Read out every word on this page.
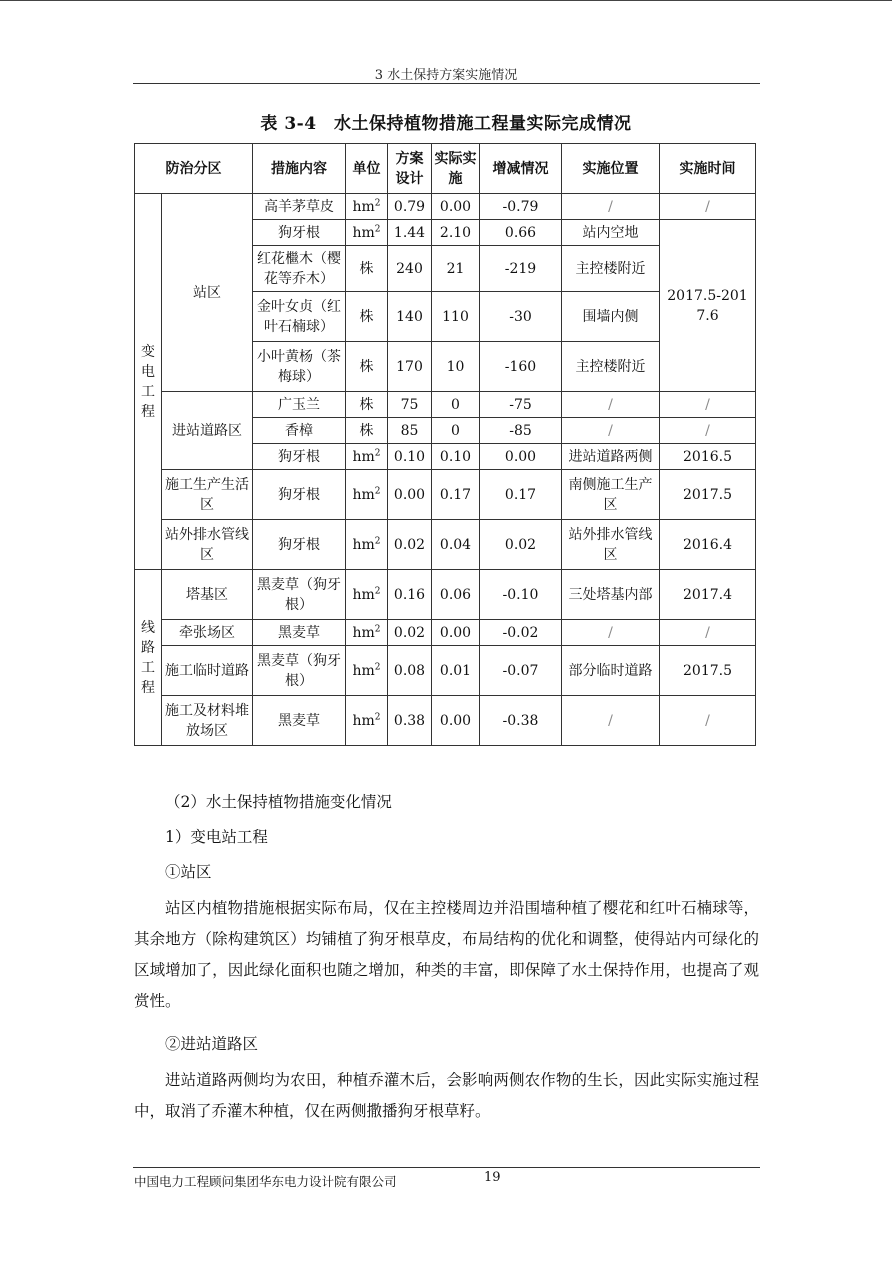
3 水土保持方案实施情况
表 3-4　水土保持植物措施工程量实际完成情况
防治分区		措施内容	单位	方案设计	实际实施	增减情况	实施位置	实施时间
变电工程	站区	高羊茅草皮	$hm^2$	0.79	0.00	-0.79	/	/
		狗牙根	$hm^2$	1.44	2.10	0.66	站内空地	2017.5-2017.6
		红花檵木（樱花等乔木）	株	240	21	-219	主控楼附近	
		金叶女贞（红叶石楠球）	株	140	110	-30	围墙内侧	
		小叶黄杨（茶梅球）	株	170	10	-160	主控楼附近	
	进站道路区	广玉兰	株	75	0	-75	/	/
		香樟	株	85	0	-85	/	/
		狗牙根	$hm^2$	0.10	0.10	0.00	进站道路两侧	2016.5
	施工生产生活区	狗牙根	$hm^2$	0.00	0.17	0.17	南侧施工生产区	2017.5
	站外排水管线区	狗牙根	$hm^2$	0.02	0.04	0.02	站外排水管线区	2016.4
线路工程	塔基区	黑麦草（狗牙根）	$hm^2$	0.16	0.06	-0.10	三处塔基内部	2017.4
	牵张场区	黑麦草	$hm^2$	0.02	0.00	-0.02	/	/
	施工临时道路	黑麦草（狗牙根）	$hm^2$	0.08	0.01	-0.07	部分临时道路	2017.5
	施工及材料堆放场区	黑麦草	$hm^2$	0.38	0.00	-0.38	/	/

（2）水土保持植物措施变化情况

1）变电站工程

①站区

站区内植物措施根据实际布局，仅在主控楼周边并沿围墙种植了樱花和红叶石楠球等，其余地方（除构建筑区）均铺植了狗牙根草皮，布局结构的优化和调整，使得站内可绿化的区域增加了，因此绿化面积也随之增加，种类的丰富，即保障了水土保持作用，也提高了观赏性。

②进站道路区

进站道路两侧均为农田，种植乔灌木后，会影响两侧农作物的生长，因此实际实施过程中，取消了乔灌木种植，仅在两侧撒播狗牙根草籽。

中国电力工程顾问集团华东电力设计院有限公司	19
